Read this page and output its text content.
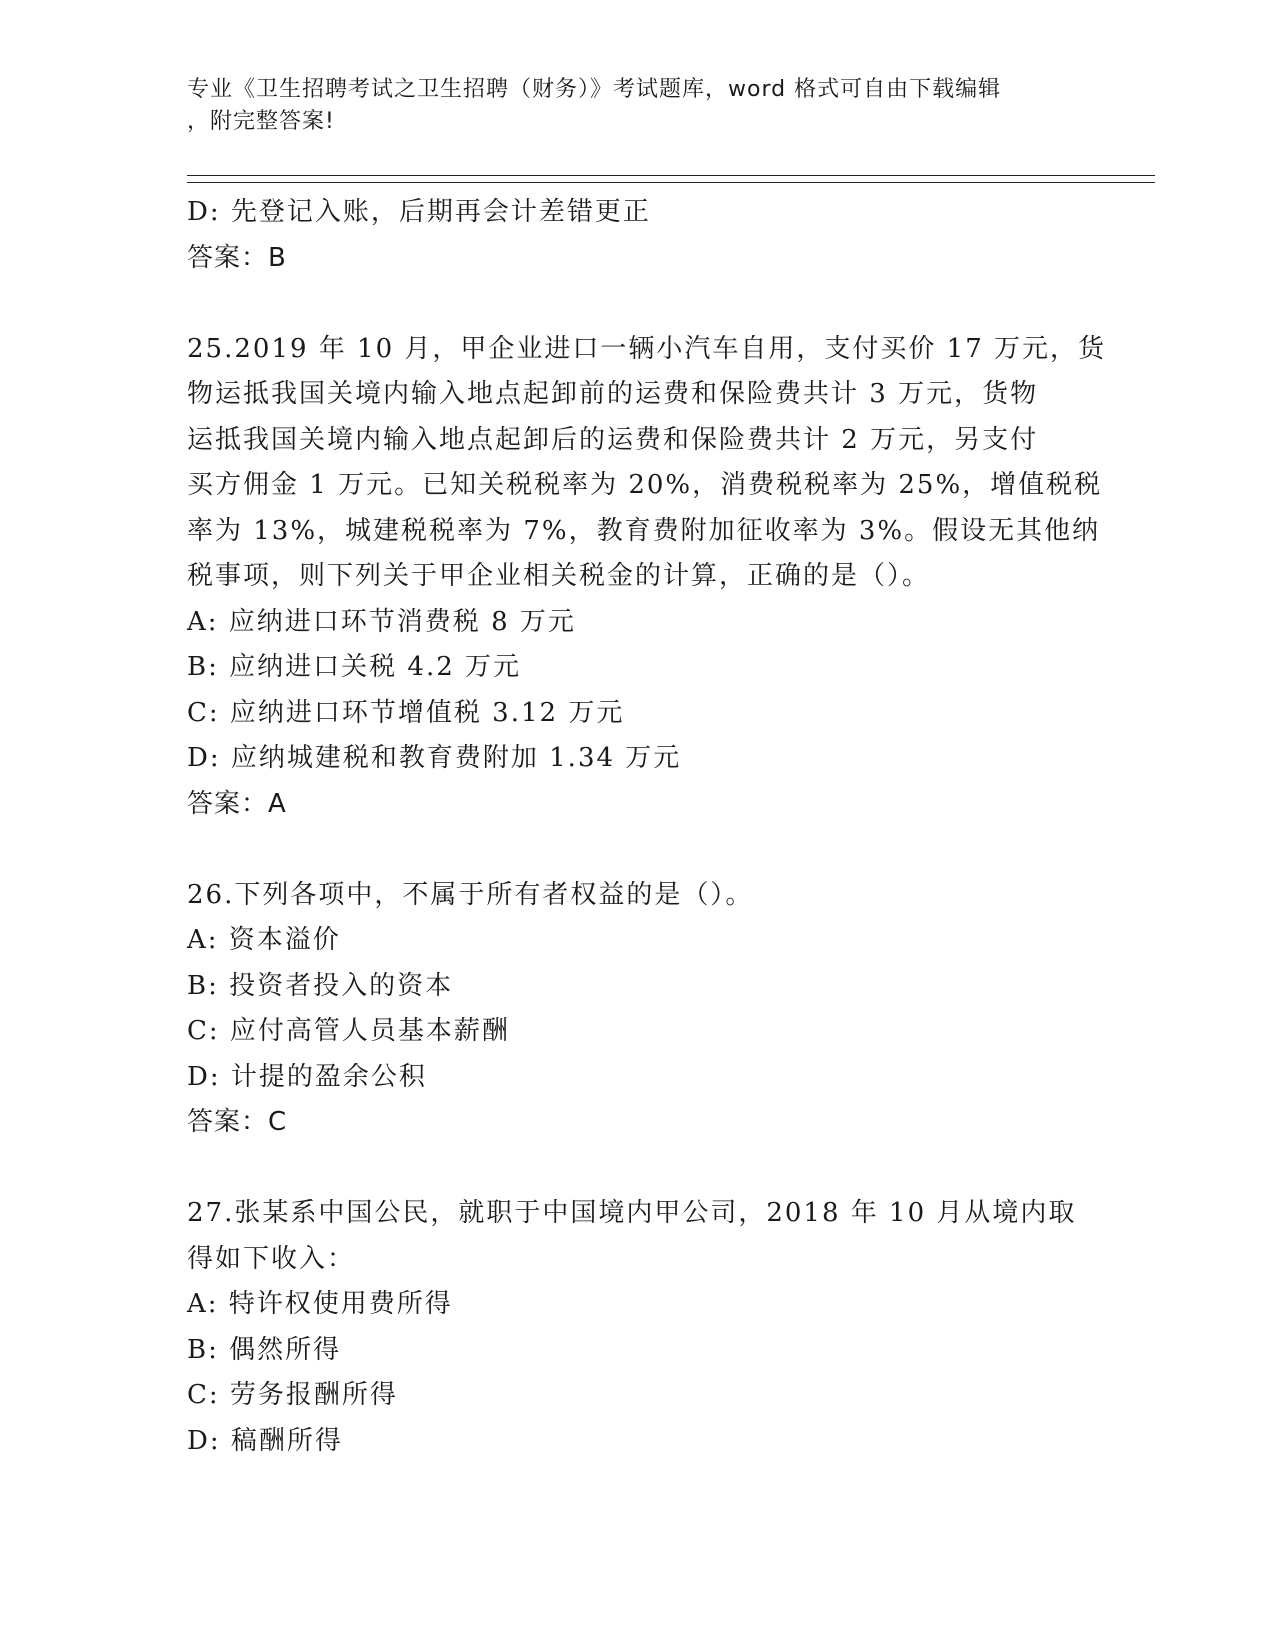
专业《卫生招聘考试之卫生招聘（财务）》考试题库，word 格式可自由下载编辑
，附完整答案!
D: 先登记入账，后期再会计差错更正
答案：B
25.2019 年 10 月，甲企业进口一辆小汽车自用，支付买价 17 万元，货
物运抵我国关境内输入地点起卸前的运费和保险费共计 3 万元，货物
运抵我国关境内输入地点起卸后的运费和保险费共计 2 万元，另支付
买方佣金 1 万元。已知关税税率为 20%，消费税税率为 25%，增值税税
率为 13%，城建税税率为 7%，教育费附加征收率为 3%。假设无其他纳
税事项，则下列关于甲企业相关税金的计算，正确的是（）。
A: 应纳进口环节消费税 8 万元
B: 应纳进口关税 4.2 万元
C: 应纳进口环节增值税 3.12 万元
D: 应纳城建税和教育费附加 1.34 万元
答案：A
26.下列各项中，不属于所有者权益的是（）。
A: 资本溢价
B: 投资者投入的资本
C: 应付高管人员基本薪酬
D: 计提的盈余公积
答案：C
27.张某系中国公民，就职于中国境内甲公司，2018 年 10 月从境内取
得如下收入：
A: 特许权使用费所得
B: 偶然所得
C: 劳务报酬所得
D: 稿酬所得
